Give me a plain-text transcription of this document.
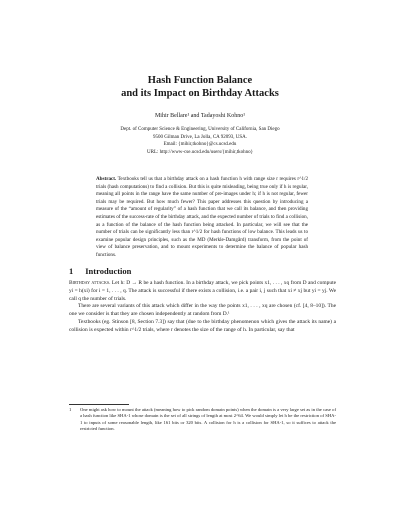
Hash Function Balance
and its Impact on Birthday Attacks
Mihir Bellare¹ and Tadayoshi Kohno¹
Dept. of Computer Science & Engineering, University of California, San Diego
9500 Gilman Drive, La Jolla, CA 92093, USA.
Email: {mihir,tkohno}@cs.ucsd.edu
URL: http://www-cse.ucsd.edu/users/{mihir,tkohno}
Abstract. Textbooks tell us that a birthday attack on a hash function h with range size r requires r^1/2 trials (hash computations) to find a collision. But this is quite misleading, being true only if h is regular, meaning all points in the range have the same number of pre-images under h; if h is not regular, fewer trials may be required. But how much fewer? This paper addresses this question by introducing a measure of the “amount of regularity” of a hash function that we call its balance, and then providing estimates of the success-rate of the birthday attack, and the expected number of trials to find a collision, as a function of the balance of the hash function being attacked. In particular, we will see that the number of trials can be significantly less than r^1/2 for hash functions of low balance. This leads us to examine popular design principles, such as the MD (Merkle-Damgård) transform, from the point of view of balance preservation, and to mount experiments to determine the balance of popular hash functions.
1 Introduction

Birthday attacks. Let h: D → R be a hash function. In a birthday attack, we pick points x1, . . . , xq from D and compute yi = h(xi) for i = 1, . . . , q. The attack is successful if there exists a collision, i.e. a pair i, j such that xi ≠ xj but yi = yj. We call q the number of trials.

There are several variants of this attack which differ in the way the points x1, . . . , xq are chosen (cf. [4, 8–10]). The one we consider is that they are chosen independently at random from D.¹

Textbooks (eg. Stinson [8, Section 7.3]) say that (due to the birthday phenomenon which gives the attack its name) a collision is expected within r^1/2 trials, where r denotes the size of the range of h. In particular, say that

1	One might ask how to mount the attack (meaning how to pick random domain points) when the domain is a very large set as in the case of a hash function like SHA-1 whose domain is the set of all strings of length at most 2^64. We would simply let h be the restriction of SHA-1 to inputs of some reasonable length, like 161 bits or 320 bits. A collision for h is a collision for SHA-1, so it suffices to attack the restricted function.
